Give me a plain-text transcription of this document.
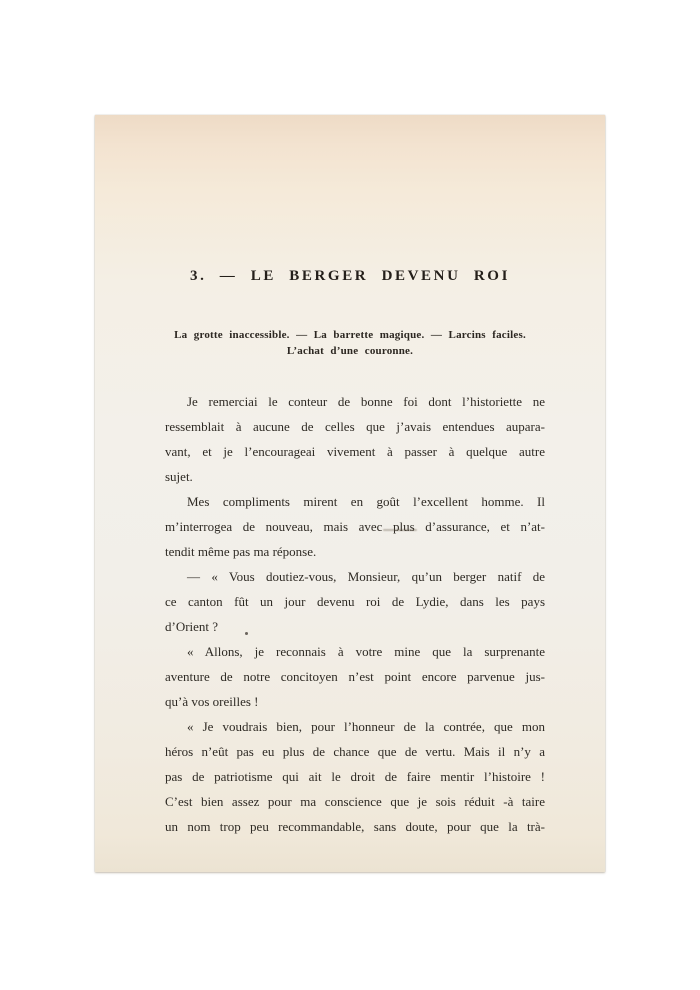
3. — LE BERGER DEVENU ROI
La grotte inaccessible. — La barrette magique. — Larcins faciles.
L’achat d’une couronne.

Je remerciai le conteur de bonne foi dont l’historiette ne
ressemblait à aucune de celles que j’avais entendues aupara-
vant, et je l’encourageai vivement à passer à quelque autre
sujet.

Mes compliments mirent en goût l’excellent homme. Il
m’interrogea de nouveau, mais avec plus d’assurance, et n’at-
tendit même pas ma réponse.

— « Vous doutiez-vous, Monsieur, qu’un berger natif de
ce canton fût un jour devenu roi de Lydie, dans les pays
d’Orient ?

« Allons, je reconnais à votre mine que la surprenante
aventure de notre concitoyen n’est point encore parvenue jus-
qu’à vos oreilles !

« Je voudrais bien, pour l’honneur de la contrée, que mon
héros n’eût pas eu plus de chance que de vertu. Mais il n’y a
pas de patriotisme qui ait le droit de faire mentir l’histoire !
C’est bien assez pour ma conscience que je sois réduit -à taire
un nom trop peu recommandable, sans doute, pour que la trà-
